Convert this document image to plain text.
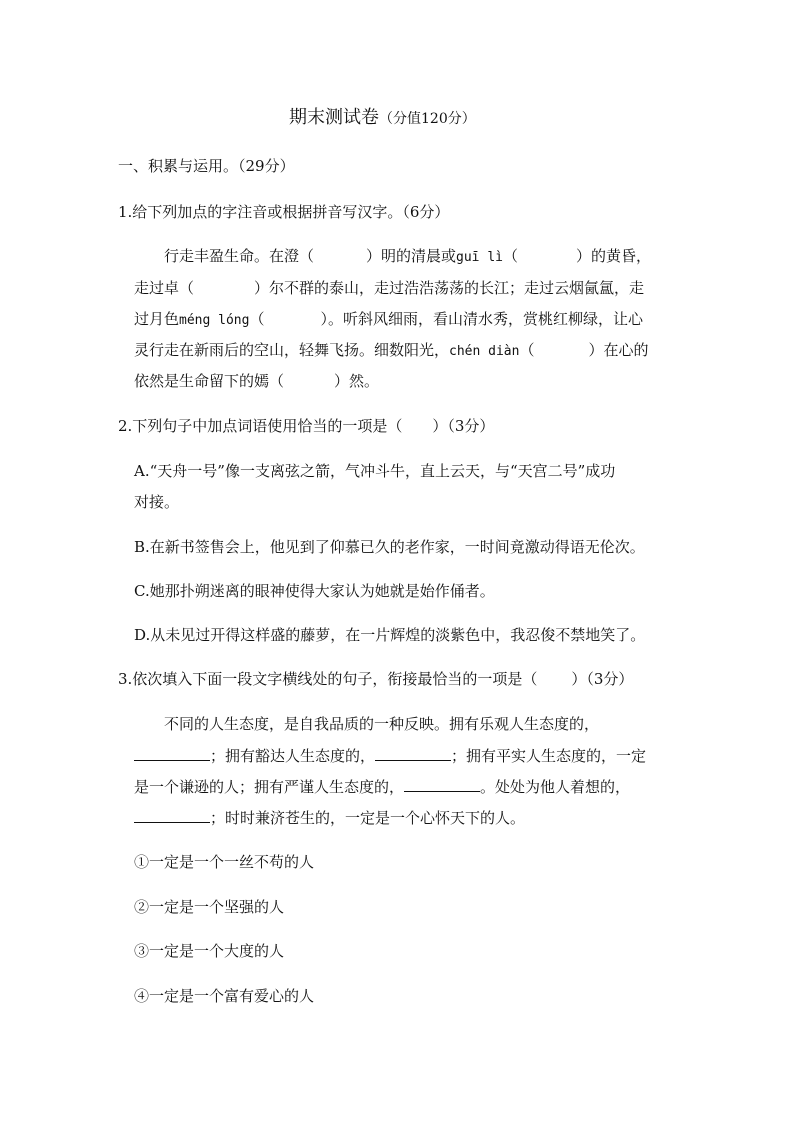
期末测试卷（分值120分）
一、积累与运用。（29分）
1.给下列加点的字注音或根据拼音写汉字。（6分）
行走丰盈生命。在澄（	）明的清晨或guī lì（	）的黄昏，
走过卓（	）尔不群的泰山，走过浩浩荡荡的长江；走过云烟氤氲，走
过月色méng lóng（	）。听斜风细雨，看山清水秀，赏桃红柳绿，让心
灵行走在新雨后的空山，轻舞飞扬。细数阳光，chén diàn（	）在心的
依然是生命留下的嫣（	）然。
2.下列句子中加点词语使用恰当的一项是（ ）（3分）
A.“天舟一号”像一支离弦之箭，气冲斗牛，直上云天，与“天宫二号”成功
对接。
B.在新书签售会上，他见到了仰慕已久的老作家，一时间竟激动得语无伦次。
C.她那扑朔迷离的眼神使得大家认为她就是始作俑者。
D.从未见过开得这样盛的藤萝，在一片辉煌的淡紫色中，我忍俊不禁地笑了。
3.依次填入下面一段文字横线处的句子，衔接最恰当的一项是（ ）（3分）
不同的人生态度，是自我品质的一种反映。拥有乐观人生态度的，
；拥有豁达人生态度的，	；拥有平实人生态度的，一定
是一个谦逊的人；拥有严谨人生态度的，	。处处为他人着想的，
；时时兼济苍生的，一定是一个心怀天下的人。
①一定是一个一丝不苟的人
②一定是一个坚强的人
③一定是一个大度的人
④一定是一个富有爱心的人
